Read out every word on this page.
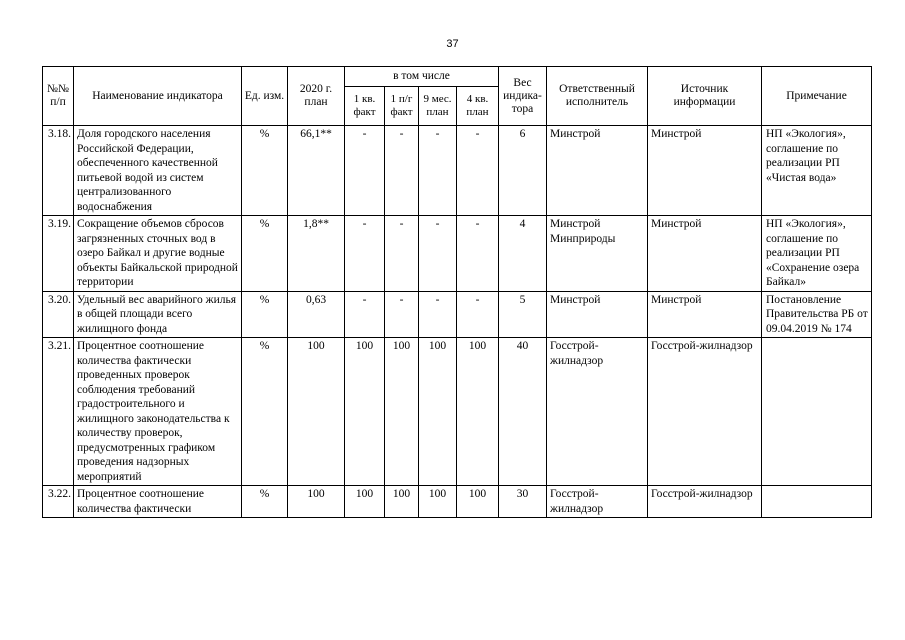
37
№№ п/п	Наименование индикатора	Ед. изм.	2020 г. план	в том числе				Вес индика-тора	Ответственный исполнитель	Источник информации	Примечание
				1 кв. факт	1 п/г факт	9 мес. план	4 кв. план				
3.18.	Доля городского населения Российской Федерации, обеспеченного качественной питьевой водой из систем централизованного водоснабжения	%	66,1**	-	-	-	-	6	Минстрой	Минстрой	НП «Экология», соглашение по реализации РП «Чистая вода»
3.19.	Сокращение объемов сбросов загрязненных сточных вод в озеро Байкал и другие водные объекты Байкальской природной территории	%	1,8**	-	-	-	-	4	Минстрой Минприроды	Минстрой	НП «Экология», соглашение по реализации РП «Сохранение озера Байкал»
3.20.	Удельный вес аварийного жилья в общей площади всего жилищного фонда	%	0,63	-	-	-	-	5	Минстрой	Минстрой	Постановление Правительства РБ от 09.04.2019 № 174
3.21.	Процентное соотношение количества фактически проведенных проверок соблюдения требований градостроительного и жилищного законодательства к количеству проверок, предусмотренных графиком проведения надзорных мероприятий	%	100	100	100	100	100	40	Госстрой-жилнадзор	Госстрой-жилнадзор	
3.22.	Процентное соотношение количества фактически	%	100	100	100	100	100	30	Госстрой-жилнадзор	Госстрой-жилнадзор	
